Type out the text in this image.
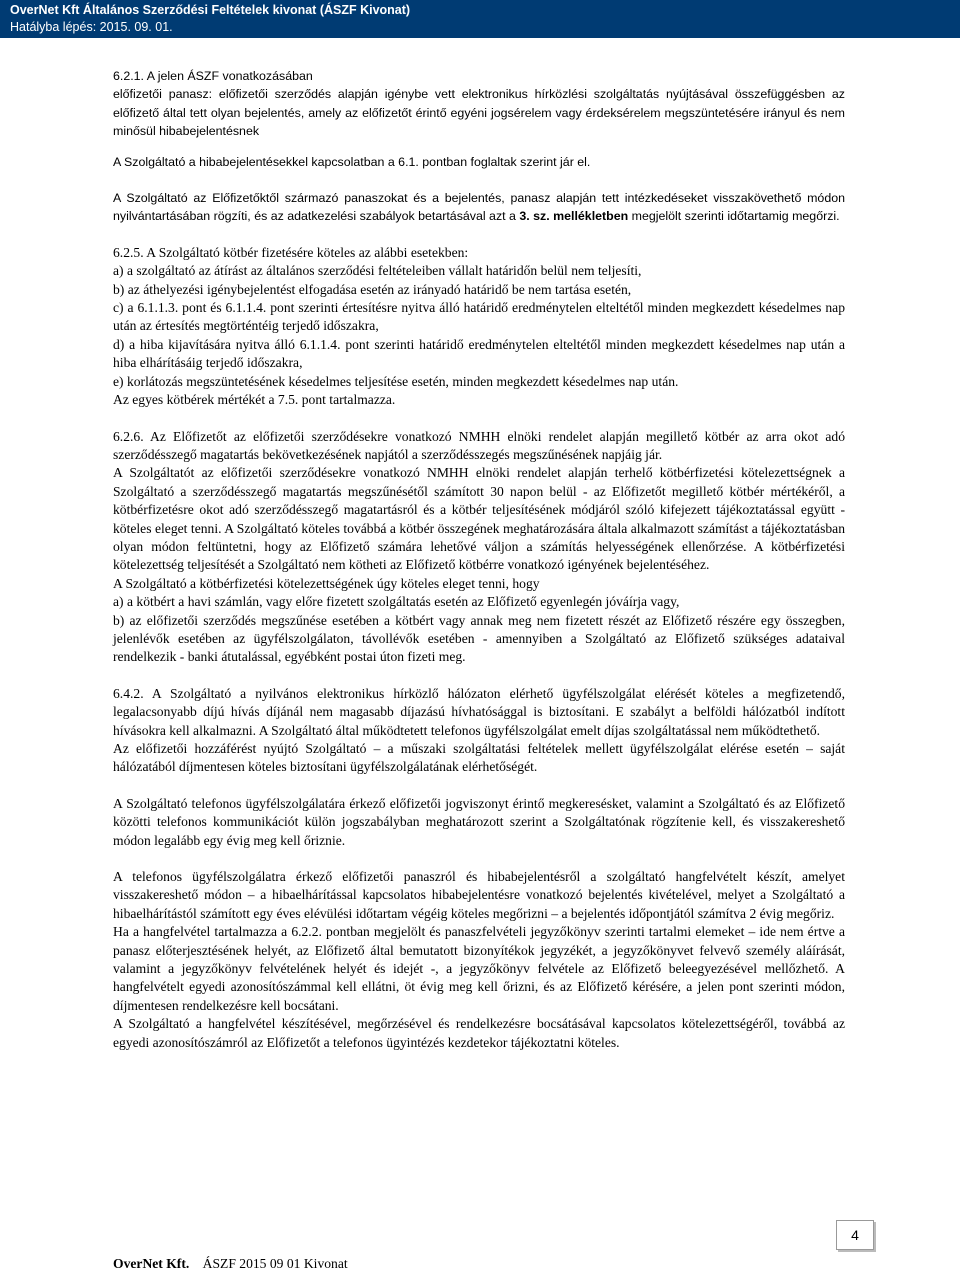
OverNet Kft Általános Szerződési Feltételek kivonat (ÁSZF Kivonat)
Hatályba lépés: 2015. 09. 01.

6.2.1. A jelen ÁSZF vonatkozásában

előfizetői panasz: előfizetői szerződés alapján igénybe vett elektronikus hírközlési szolgáltatás nyújtásával összefüggésben az előfizető által tett olyan bejelentés, amely az előfizetőt érintő egyéni jogsérelem vagy érdeksérelem megszüntetésére irányul és nem minősül hibabejelentésnek

A Szolgáltató a hibabejelentésekkel kapcsolatban a 6.1. pontban foglaltak szerint jár el.

A Szolgáltató az Előfizetőktől származó panaszokat és a bejelentés, panasz alapján tett intézkedéseket visszakövethető módon nyilvántartásában rögzíti, és az adatkezelési szabályok betartásával azt a 3. sz. mellékletben megjelölt szerinti időtartamig megőrzi.

6.2.5. A Szolgáltató kötbér fizetésére köteles az alábbi esetekben:

a) a szolgáltató az átírást az általános szerződési feltételeiben vállalt határidőn belül nem teljesíti,

b) az áthelyezési igénybejelentést elfogadása esetén az irányadó határidő be nem tartása esetén,

c) a 6.1.1.3. pont és 6.1.1.4. pont szerinti értesítésre nyitva álló határidő eredménytelen elteltétől minden megkezdett késedelmes nap után az értesítés megtörténtéig terjedő időszakra,

d) a hiba kijavítására nyitva álló 6.1.1.4. pont szerinti határidő eredménytelen elteltétől minden megkezdett késedelmes nap után a hiba elhárításáig terjedő időszakra,

e) korlátozás megszüntetésének késedelmes teljesítése esetén, minden megkezdett késedelmes nap után.

Az egyes kötbérek mértékét a 7.5. pont tartalmazza.

6.2.6. Az Előfizetőt az előfizetői szerződésekre vonatkozó NMHH elnöki rendelet alapján megillető kötbér az arra okot adó szerződésszegő magatartás bekövetkezésének napjától a szerződésszegés megszűnésének napjáig jár.

A Szolgáltatót az előfizetői szerződésekre vonatkozó NMHH elnöki rendelet alapján terhelő kötbérfizetési kötelezettségnek a Szolgáltató a szerződésszegő magatartás megszűnésétől számított 30 napon belül - az Előfizetőt megillető kötbér mértékéről, a kötbérfizetésre okot adó szerződésszegő magatartásról és a kötbér teljesítésének módjáról szóló kifejezett tájékoztatással együtt - köteles eleget tenni. A Szolgáltató köteles továbbá a kötbér összegének meghatározására általa alkalmazott számítást a tájékoztatásban olyan módon feltüntetni, hogy az Előfizető számára lehetővé váljon a számítás helyességének ellenőrzése. A kötbérfizetési kötelezettség teljesítését a Szolgáltató nem kötheti az Előfizető kötbérre vonatkozó igényének bejelentéséhez.

A Szolgáltató a kötbérfizetési kötelezettségének úgy köteles eleget tenni, hogy

a) a kötbért a havi számlán, vagy előre fizetett szolgáltatás esetén az Előfizető egyenlegén jóváírja vagy,

b) az előfizetői szerződés megszűnése esetében a kötbért vagy annak meg nem fizetett részét az Előfizető részére egy összegben, jelenlévők esetében az ügyfélszolgálaton, távollévők esetében - amennyiben a Szolgáltató az Előfizető szükséges adataival rendelkezik - banki átutalással, egyébként postai úton fizeti meg.

6.4.2. A Szolgáltató a nyilvános elektronikus hírközlő hálózaton elérhető ügyfélszolgálat elérését köteles a megfizetendő, legalacsonyabb díjú hívás díjánál nem magasabb díjazású hívhatósággal is biztosítani. E szabályt a belföldi hálózatból indított hívásokra kell alkalmazni. A Szolgáltató által működtetett telefonos ügyfélszolgálat emelt díjas szolgáltatással nem működtethető.

Az előfizetői hozzáférést nyújtó Szolgáltató – a műszaki szolgáltatási feltételek mellett ügyfélszolgálat elérése esetén – saját hálózatából díjmentesen köteles biztosítani ügyfélszolgálatának elérhetőségét.

A Szolgáltató telefonos ügyfélszolgálatára érkező előfizetői jogviszonyt érintő megkeresésket, valamint a Szolgáltató és az Előfizető közötti telefonos kommunikációt külön jogszabályban meghatározott szerint a Szolgáltatónak rögzítenie kell, és visszakereshető módon legalább egy évig meg kell őriznie.

A telefonos ügyfélszolgálatra érkező előfizetői panaszról és hibabejelentésről a szolgáltató hangfelvételt készít, amelyet visszakereshető módon – a hibaelhárítással kapcsolatos hibabejelentésre vonatkozó bejelentés kivételével, melyet a Szolgáltató a hibaelhárítástól számított egy éves elévülési időtartam végéig köteles megőrizni – a bejelentés időpontjától számítva 2 évig megőriz.

Ha a hangfelvétel tartalmazza a 6.2.2. pontban megjelölt és panaszfelvételi jegyzőkönyv szerinti tartalmi elemeket – ide nem értve a panasz előterjesztésének helyét, az Előfizető által bemutatott bizonyítékok jegyzékét, a jegyzőkönyvet felvevő személy aláírását, valamint a jegyzőkönyv felvételének helyét és idejét -, a jegyzőkönyv felvétele az Előfizető beleegyezésével mellőzhető. A hangfelvételt egyedi azonosítószámmal kell ellátni, öt évig meg kell őrizni, és az Előfizető kérésére, a jelen pont szerinti módon, díjmentesen rendelkezésre kell bocsátani.

A Szolgáltató a hangfelvétel készítésével, megőrzésével és rendelkezésre bocsátásával kapcsolatos kötelezettségéről, továbbá az egyedi azonosítószámról az Előfizetőt a telefonos ügyintézés kezdetekor tájékoztatni köteles.

4
OverNet Kft. ÁSZF 2015 09 01 Kivonat
